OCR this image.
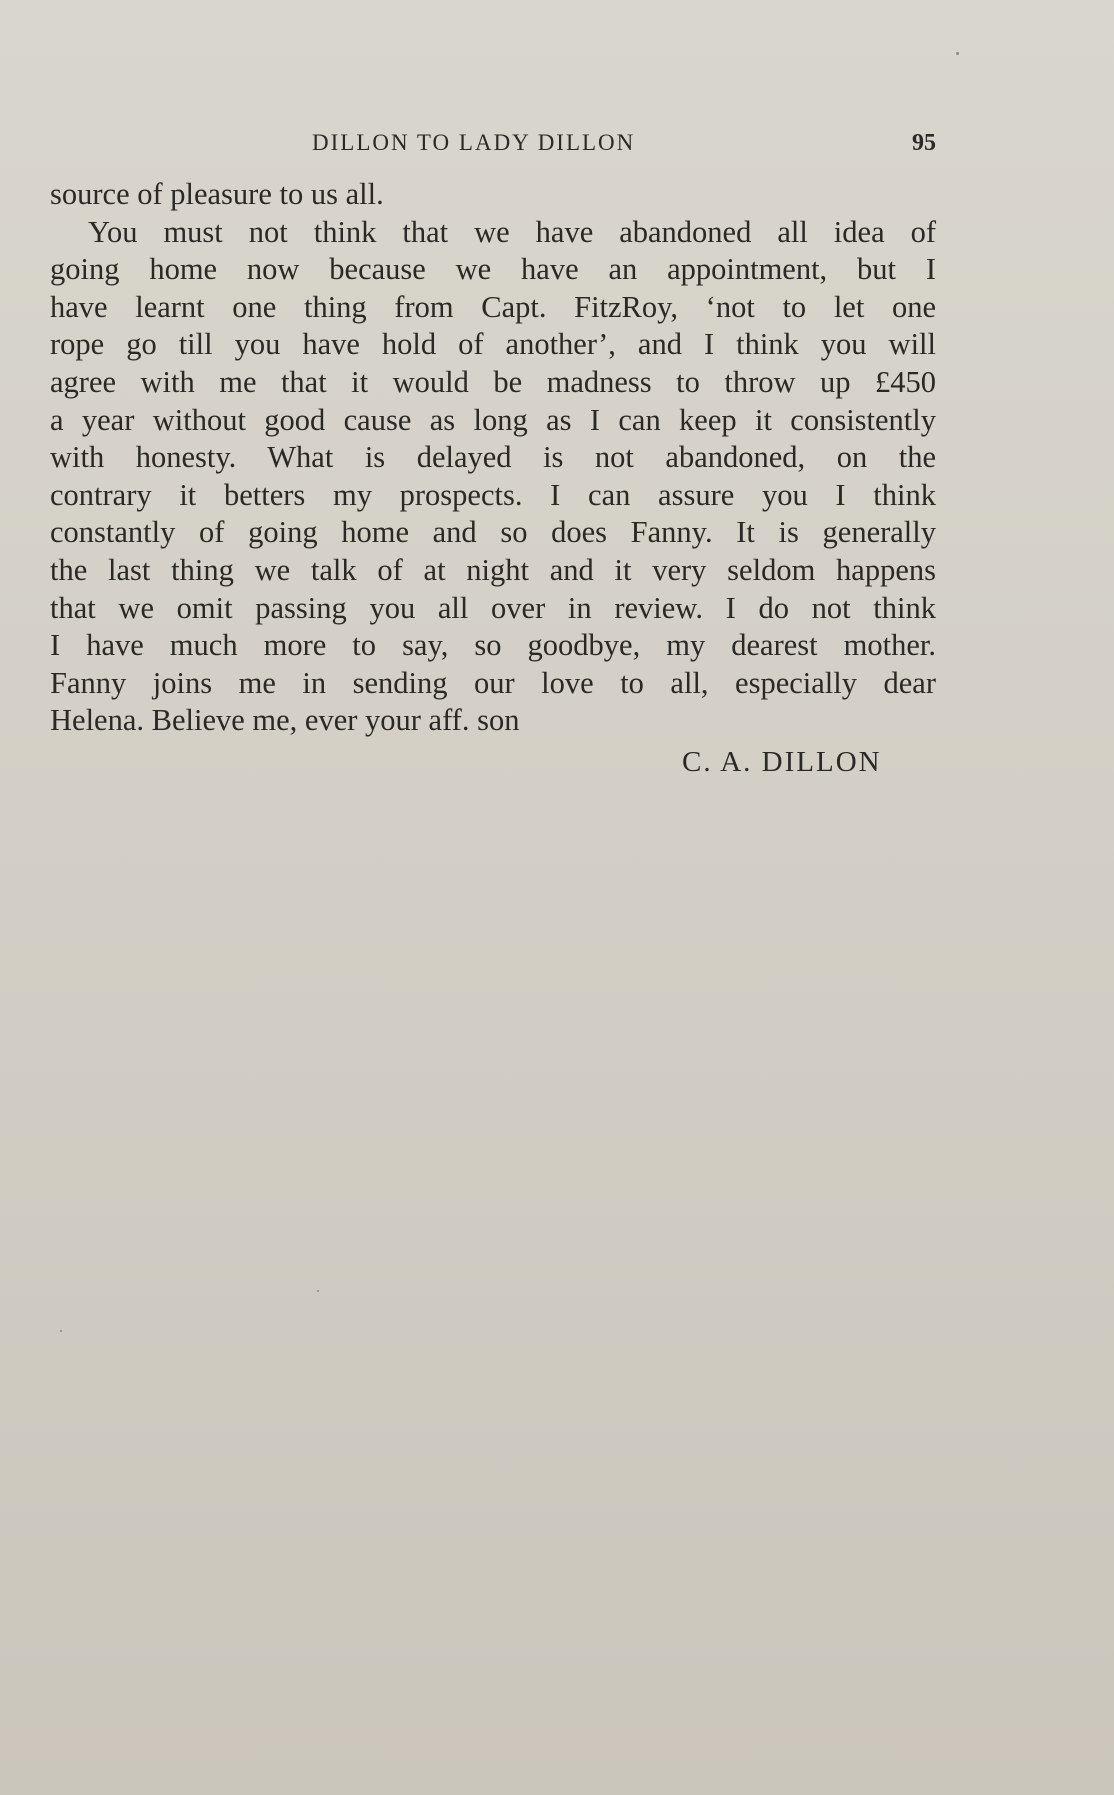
DILLON TO LADY DILLON	95
source of pleasure to us all.
You must not think that we have abandoned all idea of
going home now because we have an appointment, but I
have learnt one thing from Capt. FitzRoy, ‘not to let one
rope go till you have hold of another’, and I think you will
agree with me that it would be madness to throw up £450
a year without good cause as long as I can keep it consistently
with honesty. What is delayed is not abandoned, on the
contrary it betters my prospects. I can assure you I think
constantly of going home and so does Fanny. It is generally
the last thing we talk of at night and it very seldom happens
that we omit passing you all over in review. I do not think
I have much more to say, so goodbye, my dearest mother.
Fanny joins me in sending our love to all, especially dear
Helena. Believe me, ever your aff. son
C. A. DILLON
